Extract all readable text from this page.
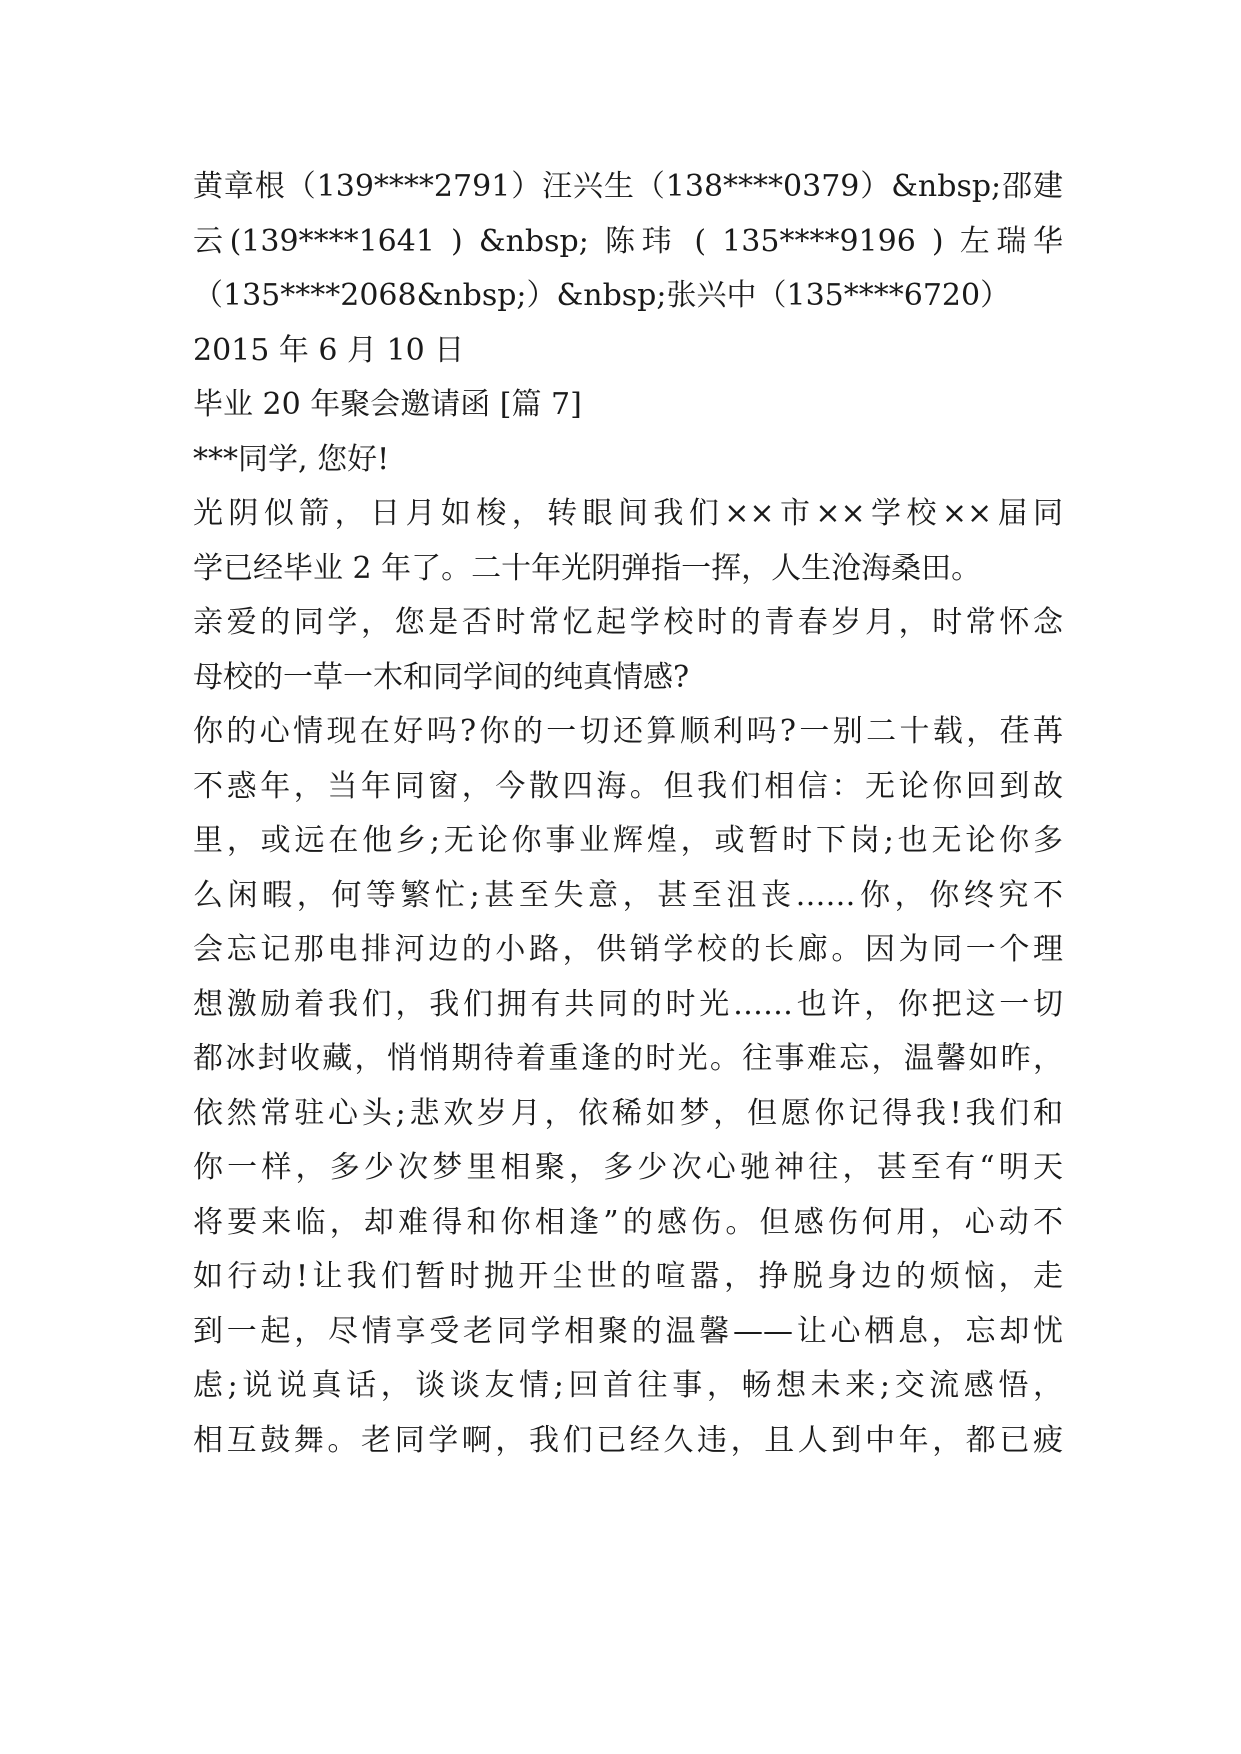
黄章根（139****2791）汪兴生（138****0379）&nbsp;邵建
云(139****1641 ) &nbsp; 陈玮 ( 135****9196 ) 左瑞华
（135****2068&nbsp;）&nbsp;张兴中（135****6720）
2015 年 6 月 10 日
毕业 20 年聚会邀请函 [篇 7]
***同学, 您好!
光阴似箭，日月如梭，转眼间我们××市××学校××届同
学已经毕业 2 年了。二十年光阴弹指一挥，人生沧海桑田。
亲爱的同学，您是否时常忆起学校时的青春岁月，时常怀念
母校的一草一木和同学间的纯真情感?
你的心情现在好吗?你的一切还算顺利吗?一别二十载，荏苒
不惑年，当年同窗，今散四海。但我们相信：无论你回到故
里，或远在他乡;无论你事业辉煌，或暂时下岗;也无论你多
么闲暇，何等繁忙;甚至失意，甚至沮丧……你，你终究不
会忘记那电排河边的小路，供销学校的长廊。因为同一个理
想激励着我们，我们拥有共同的时光……也许，你把这一切
都冰封收藏，悄悄期待着重逢的时光。往事难忘，温馨如昨，
依然常驻心头;悲欢岁月，依稀如梦，但愿你记得我!我们和
你一样，多少次梦里相聚，多少次心驰神往，甚至有“明天
将要来临，却难得和你相逢”的感伤。但感伤何用，心动不
如行动!让我们暂时抛开尘世的喧嚣，挣脱身边的烦恼，走
到一起，尽情享受老同学相聚的温馨——让心栖息，忘却忧
虑;说说真话，谈谈友情;回首往事，畅想未来;交流感悟，
相互鼓舞。老同学啊，我们已经久违，且人到中年，都已疲
